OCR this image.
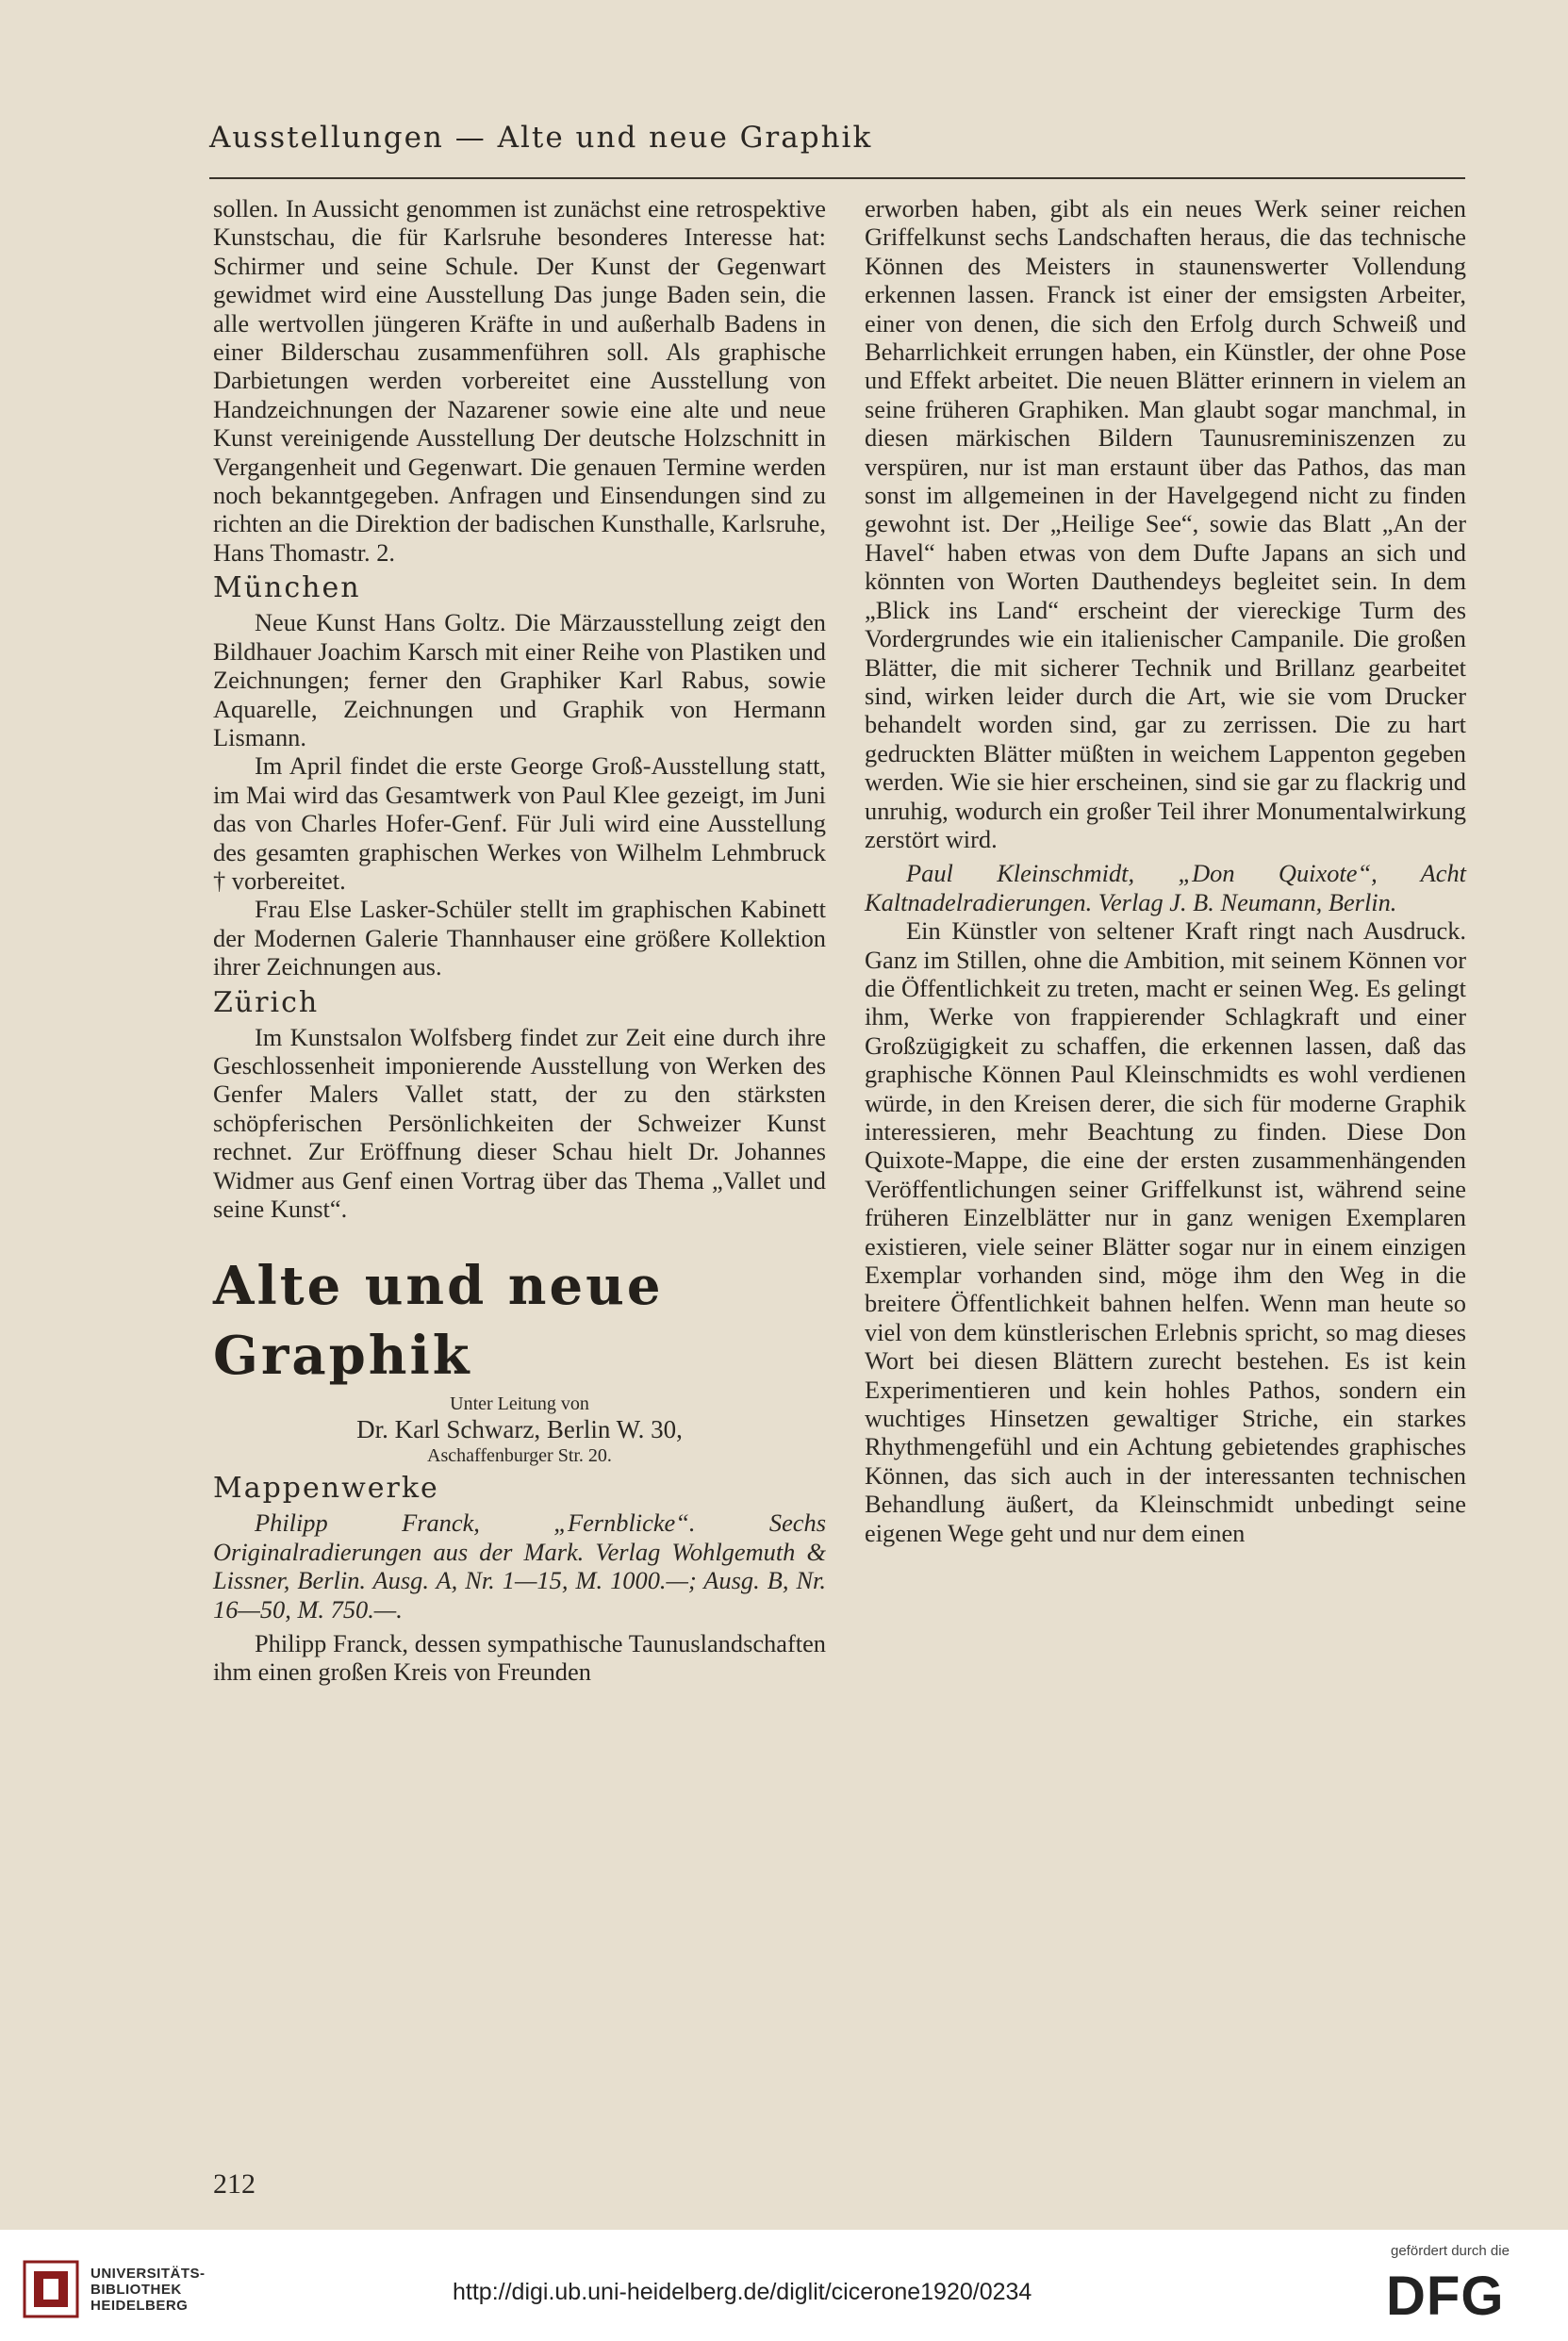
Ausstellungen — Alte und neue Graphik

sollen. In Aussicht genommen ist zunächst eine retrospektive Kunstschau, die für Karlsruhe besonderes Interesse hat: Schirmer und seine Schule. Der Kunst der Gegenwart gewidmet wird eine Ausstellung Das junge Baden sein, die alle wertvollen jüngeren Kräfte in und außerhalb Badens in einer Bilderschau zusammenführen soll. Als graphische Darbietungen werden vorbereitet eine Ausstellung von Handzeichnungen der Nazarener sowie eine alte und neue Kunst vereinigende Ausstellung Der deutsche Holzschnitt in Vergangenheit und Gegenwart. Die genauen Termine werden noch bekanntgegeben. Anfragen und Einsendungen sind zu richten an die Direktion der badischen Kunsthalle, Karlsruhe, Hans Thomastr. 2.

München

Neue Kunst Hans Goltz. Die Märzausstellung zeigt den Bildhauer Joachim Karsch mit einer Reihe von Plastiken und Zeichnungen; ferner den Graphiker Karl Rabus, sowie Aquarelle, Zeichnungen und Graphik von Hermann Lismann.

Im April findet die erste George Groß-Ausstellung statt, im Mai wird das Gesamtwerk von Paul Klee gezeigt, im Juni das von Charles Hofer-Genf. Für Juli wird eine Ausstellung des gesamten graphischen Werkes von Wilhelm Lehmbruck † vorbereitet.

Frau Else Lasker-Schüler stellt im graphischen Kabinett der Modernen Galerie Thannhauser eine größere Kollektion ihrer Zeichnungen aus.

Zürich

Im Kunstsalon Wolfsberg findet zur Zeit eine durch ihre Geschlossenheit imponierende Ausstellung von Werken des Genfer Malers Vallet statt, der zu den stärksten schöpferischen Persönlichkeiten der Schweizer Kunst rechnet. Zur Eröffnung dieser Schau hielt Dr. Johannes Widmer aus Genf einen Vortrag über das Thema „Vallet und seine Kunst“.

Alte und neue Graphik

Unter Leitung von

Dr. Karl Schwarz, Berlin W. 30,

Aschaffenburger Str. 20.

Mappenwerke

Philipp Franck, „Fernblicke“. Sechs Originalradierungen aus der Mark. Verlag Wohlgemuth & Lissner, Berlin. Ausg. A, Nr. 1—15, M. 1000.—; Ausg. B, Nr. 16—50, M. 750.—.

Philipp Franck, dessen sympathische Taunuslandschaften ihm einen großen Kreis von Freunden

erworben haben, gibt als ein neues Werk seiner reichen Griffelkunst sechs Landschaften heraus, die das technische Können des Meisters in staunenswerter Vollendung erkennen lassen. Franck ist einer der emsigsten Arbeiter, einer von denen, die sich den Erfolg durch Schweiß und Beharrlichkeit errungen haben, ein Künstler, der ohne Pose und Effekt arbeitet. Die neuen Blätter erinnern in vielem an seine früheren Graphiken. Man glaubt sogar manchmal, in diesen märkischen Bildern Taunusreminiszenzen zu verspüren, nur ist man erstaunt über das Pathos, das man sonst im allgemeinen in der Havelgegend nicht zu finden gewohnt ist. Der „Heilige See“, sowie das Blatt „An der Havel“ haben etwas von dem Dufte Japans an sich und könnten von Worten Dauthendeys begleitet sein. In dem „Blick ins Land“ erscheint der viereckige Turm des Vordergrundes wie ein italienischer Campanile. Die großen Blätter, die mit sicherer Technik und Brillanz gearbeitet sind, wirken leider durch die Art, wie sie vom Drucker behandelt worden sind, gar zu zerrissen. Die zu hart gedruckten Blätter müßten in weichem Lappenton gegeben werden. Wie sie hier erscheinen, sind sie gar zu flackrig und unruhig, wodurch ein großer Teil ihrer Monumentalwirkung zerstört wird.

Paul Kleinschmidt, „Don Quixote“, Acht Kaltnadelradierungen. Verlag J. B. Neumann, Berlin.

Ein Künstler von seltener Kraft ringt nach Ausdruck. Ganz im Stillen, ohne die Ambition, mit seinem Können vor die Öffentlichkeit zu treten, macht er seinen Weg. Es gelingt ihm, Werke von frappierender Schlagkraft und einer Großzügigkeit zu schaffen, die erkennen lassen, daß das graphische Können Paul Kleinschmidts es wohl verdienen würde, in den Kreisen derer, die sich für moderne Graphik interessieren, mehr Beachtung zu finden. Diese Don Quixote-Mappe, die eine der ersten zusammenhängenden Veröffentlichungen seiner Griffelkunst ist, während seine früheren Einzelblätter nur in ganz wenigen Exemplaren existieren, viele seiner Blätter sogar nur in einem einzigen Exemplar vorhanden sind, möge ihm den Weg in die breitere Öffentlichkeit bahnen helfen. Wenn man heute so viel von dem künstlerischen Erlebnis spricht, so mag dieses Wort bei diesen Blättern zurecht bestehen. Es ist kein Experimentieren und kein hohles Pathos, sondern ein wuchtiges Hinsetzen gewaltiger Striche, ein starkes Rhythmengefühl und ein Achtung gebietendes graphisches Können, das sich auch in der interessanten technischen Behandlung äußert, da Kleinschmidt unbedingt seine eigenen Wege geht und nur dem einen

212
UNIVERSITÄTS-
BIBLIOTHEK
HEIDELBERG
http://digi.ub.uni-heidelberg.de/diglit/cicerone1920/0234
gefördert durch die
DFG
